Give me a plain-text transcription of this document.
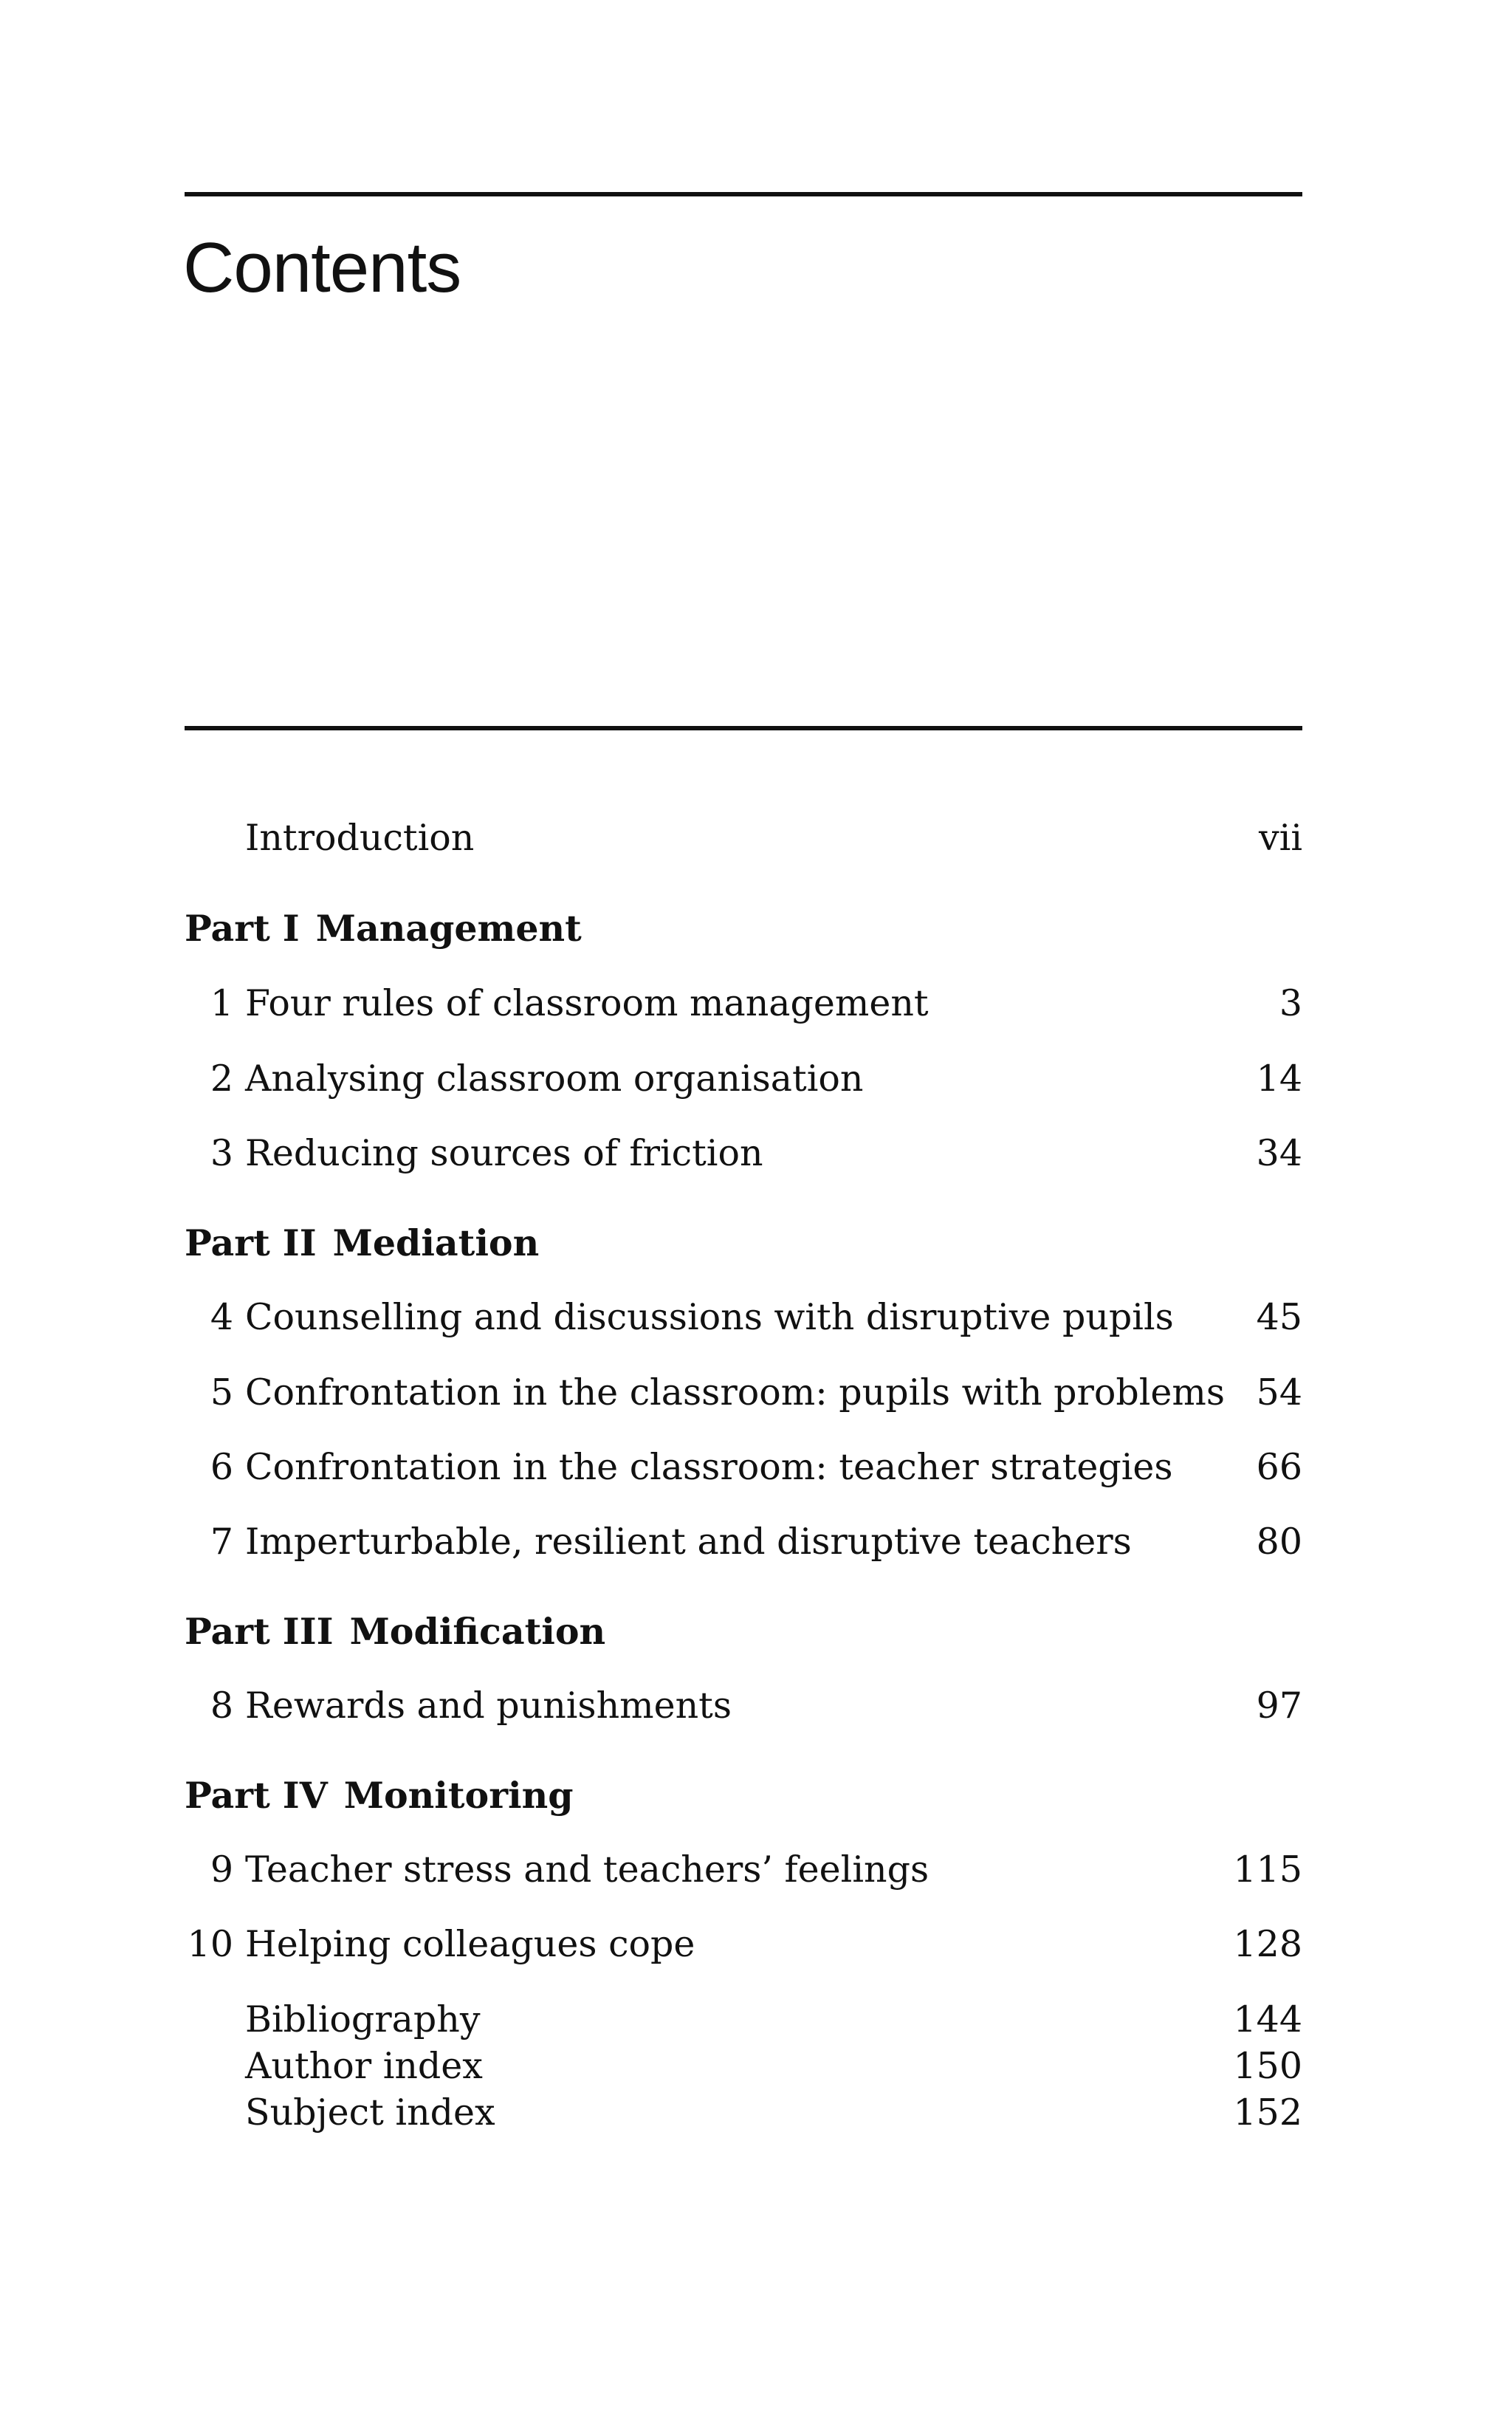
Contents
Introduction	vii
Part I Management
1 Four rules of classroom management	3
2 Analysing classroom organisation	14
3 Reducing sources of friction	34
Part II Mediation
4 Counselling and discussions with disruptive pupils 45
5 Confrontation in the classroom: pupils with problems 54
6 Confrontation in the classroom: teacher strategies 66
7 Imperturbable, resilient and disruptive teachers	80
Part III Modification
8 Rewards and punishments	97
Part IV Monitoring
9 Teacher stress and teachers’ feelings	115
10 Helping colleagues cope	128
Bibliography	144
Author index	150
Subject index	152
